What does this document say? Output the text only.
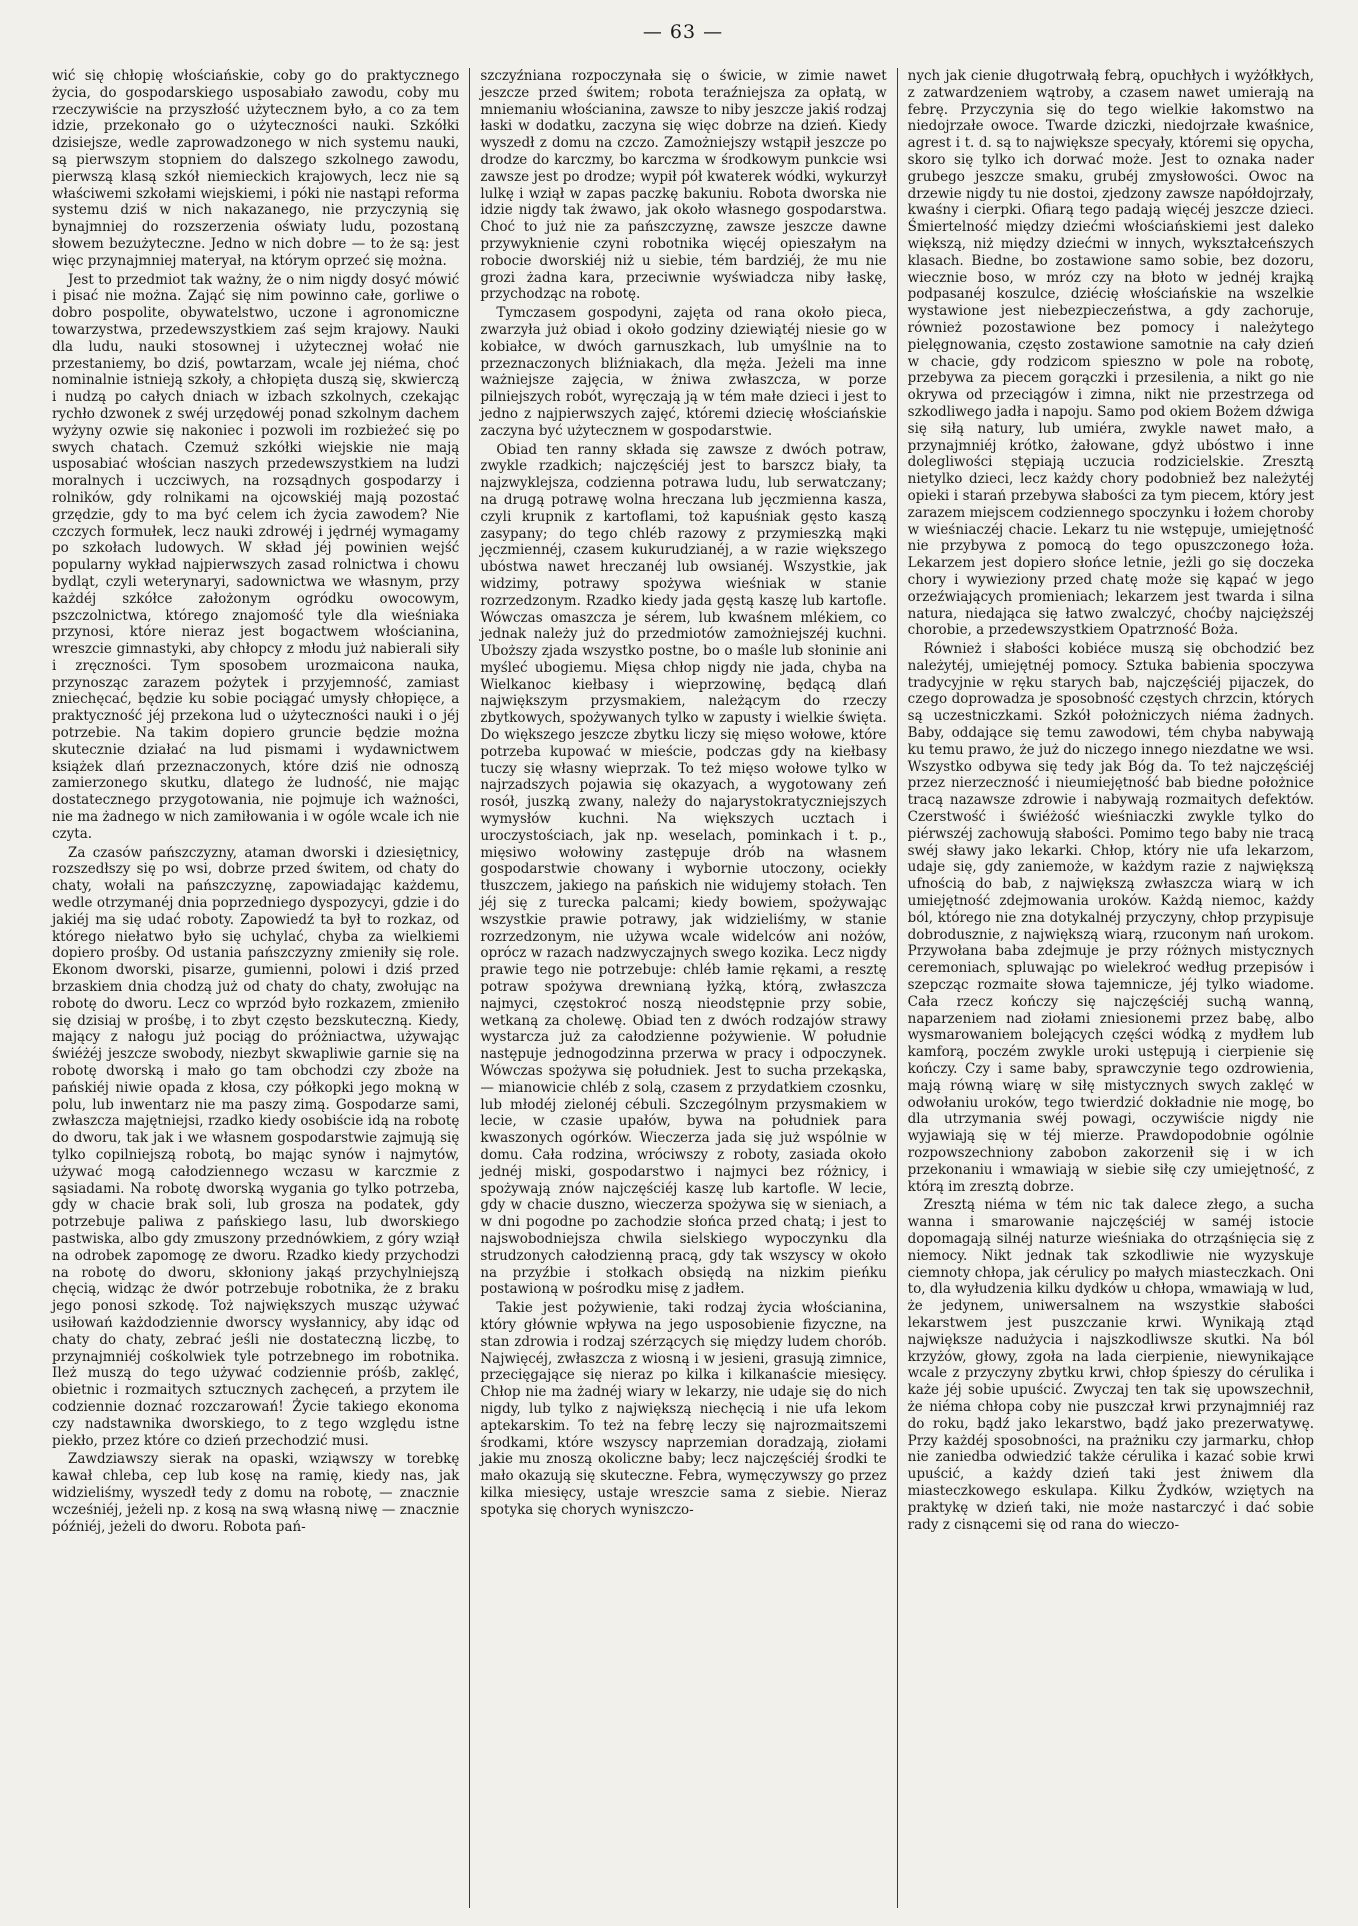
— 63 —

wić się chłopię włościańskie, coby go do praktycznego życia, do gospodarskiego usposabiało zawodu, coby mu rzeczywiście na przyszłość użytecznem było, a co za tem idzie, przekonało go o użyteczności nauki. Szkółki dzisiejsze, wedle zaprowadzonego w nich systemu nauki, są pierwszym stopniem do dalszego szkolnego zawodu, pierwszą klasą szkół niemieckich krajowych, lecz nie są właściwemi szkołami wiejskiemi, i póki nie nastąpi reforma systemu dziś w nich nakazanego, nie przyczynią się bynajmniej do rozszerzenia oświaty ludu, pozostaną słowem bezużyteczne. Jedno w nich dobre — to że są: jest więc przynajmniej materyał, na którym oprzeć się można.

Jest to przedmiot tak ważny, że o nim nigdy dosyć mówić i pisać nie można. Zająć się nim powinno całe, gorliwe o dobro pospolite, obywatelstwo, uczone i agronomiczne towarzystwa, przedewszystkiem zaś sejm krajowy. Nauki dla ludu, nauki stosownej i użytecznej wołać nie przestaniemy, bo dziś, powtarzam, wcale jej niéma, choć nominalnie istnieją szkoły, a chłopięta duszą się, skwierczą i nudzą po całych dniach w izbach szkolnych, czekając rychło dzwonek z swéj urzędowéj ponad szkolnym dachem wyżyny ozwie się nakoniec i pozwoli im rozbieżeć się po swych chatach. Czemuż szkółki wiejskie nie mają usposabiać włościan naszych przedewszystkiem na ludzi moralnych i uczciwych, na rozsądnych gospodarzy i rolników, gdy rolnikami na ojcowskiéj mają pozostać grzędzie, gdy to ma być celem ich życia zawodem? Nie czczych formułek, lecz nauki zdrowéj i jędrnéj wymagamy po szkołach ludowych. W skład jéj powinien wejść popularny wykład najpierwszych zasad rolnictwa i chowu bydląt, czyli weterynaryi, sadownictwa we własnym, przy każdéj szkółce założonym ogródku owocowym, pszczolnictwa, którego znajomość tyle dla wieśniaka przynosi, które nieraz jest bogactwem włościanina, wreszcie gimnastyki, aby chłopcy z młodu już nabierali siły i zręczności. Tym sposobem urozmaicona nauka, przynosząc zarazem pożytek i przyjemność, zamiast zniechęcać, będzie ku sobie pociągać umysły chłopięce, a praktyczność jéj przekona lud o użyteczności nauki i o jéj potrzebie. Na takim dopiero gruncie będzie można skutecznie działać na lud pismami i wydawnictwem książek dlań przeznaczonych, które dziś nie odnoszą zamierzonego skutku, dlatego że ludność, nie mając dostatecznego przygotowania, nie pojmuje ich ważności, nie ma żadnego w nich zamiłowania i w ogóle wcale ich nie czyta.

Za czasów pańszczyzny, ataman dworski i dziesiętnicy, rozszedłszy się po wsi, dobrze przed świtem, od chaty do chaty, wołali na pańszczyznę, zapowiadając każdemu, wedle otrzymanéj dnia poprzedniego dyspozycyi, gdzie i do jakiéj ma się udać roboty. Zapowiedź ta był to rozkaz, od którego niełatwo było się uchylać, chyba za wielkiemi dopiero prośby. Od ustania pańszczyzny zmieniły się role. Ekonom dworski, pisarze, gumienni, polowi i dziś przed brzaskiem dnia chodzą już od chaty do chaty, zwołując na robotę do dworu. Lecz co wprzód było rozkazem, zmieniło się dzisiaj w prośbę, i to zbyt często bezskuteczną. Kiedy, mający z nałogu już pociąg do próżniactwa, używając świéżéj jeszcze swobody, niezbyt skwapliwie garnie się na robotę dworską i mało go tam obchodzi czy zboże na pańskiéj niwie opada z kłosa, czy półkopki jego mokną w polu, lub inwentarz nie ma paszy zimą. Gospodarze sami, zwłaszcza majętniejsi, rzadko kiedy osobiście idą na robotę do dworu, tak jak i we własnem gospodarstwie zajmują się tylko copilniejszą robotą, bo mając synów i najmytów, używać mogą całodziennego wczasu w karczmie z sąsiadami. Na robotę dworską wyganiа go tylko potrzeba, gdy w chacie brak soli, lub grosza na podatek, gdy potrzebuje paliwa z pańskiego lasu, lub dworskiego pastwiska, albo gdy zmuszony przednówkiem, z góry wziął na odrobek zapomogę ze dworu. Rzadko kiedy przychodzi na robotę do dworu, skłoniony jakąś przychylniejszą chęcią, widząc że dwór potrzebuje robotnika, że z braku jego ponosi szkodę. Toż największych musząc używać usiłowań każdodziennie dworscy wysłannicy, aby idąc od chaty do chaty, zebrać jeśli nie dostateczną liczbę, to przynajmniéj cośkolwiek tyle potrzebnego im robotnika. Ileż muszą do tego używać codziennie próśb, zaklęć, obietnic i rozmaitych sztucznych zachęceń, a przytem ile codziennie doznać rozczarowań! Życie takiego ekonoma czy nadstawnika dworskiego, to z tego względu istne piekło, przez które co dzień przechodzić musi.

Zawdziawszy sierak na opaski, wziąwszy w torebkę kawał chleba, cep lub kosę na ramię, kiedy nas, jak widzieliśmy, wyszedł tedy z domu na robotę, — znacznie wcześniéj, jeżeli np. z kosą na swą własną niwę — znacznie późniéj, jeżeli do dworu. Robota pań-

szczyźniana rozpoczynała się o świcie, w zimie nawet jeszcze przed świtem; robota teraźniejsza za opłatą, w mniemaniu włościanina, zawsze to niby jeszcze jakiś rodzaj łaski w dodatku, zaczyna się więc dobrze na dzień. Kiedy wyszedł z domu na czczo. Zamożniejszy wstąpił jeszcze po drodze do karczmy, bo karczma w środkowym punkcie wsi zawsze jest po drodze; wypił pół kwaterek wódki, wykurzył lulkę i wziął w zapas paczkę bakuniu. Robota dworska nie idzie nigdy tak żwawo, jak około własnego gospodarstwa. Choć to już nie za pańszczyznę, zawsze jeszcze dawne przywyknienie czyni robotnika więcéj opieszałym na robocie dworskiéj niż u siebie, tém bardziéj, że mu nie grozi żadna kara, przeciwnie wyświadcza niby łaskę, przychodząc na robotę.

Tymczasem gospodyni, zajęta od rana około pieca, zwarzyła już obiad i około godziny dziewiątéj niesie go w kobiałce, w dwóch garnuszkach, lub umyślnie na to przeznaczonych bliźniakach, dla męża. Jeżeli ma inne ważniejsze zajęcia, w żniwa zwłaszcza, w porze pilniejszych robót, wyręczają ją w tém małe dzieci i jest to jedno z najpierwszych zajęć, któremi dziecię włościańskie zaczyna być użytecznem w gospodarstwie.

Obiad ten ranny składa się zawsze z dwóch potraw, zwykle rzadkich; najczęściéj jest to barszcz biały, ta najzwyklejsza, codzienna potrawa ludu, lub serwatczany; na drugą potrawę wolna hreczana lub jęczmienna kasza, czyli krupnik z kartoflami, toż kapuśniak gęsto kaszą zasypany; do tego chléb razowy z przymieszką mąki jęczmiennéj, czasem kukurudzianéj, a w razie większego ubóstwa nawet hreczanéj lub owsianéj. Wszystkie, jak widzimy, potrawy spożywa wieśniak w stanie rozrzedzonym. Rzadko kiedy jada gęstą kaszę lub kartofle. Wówczas omaszcza je sérem, lub kwaśnem mlékiem, co jednak należy już do przedmiotów zamożniejszéj kuchni. Uboższy zjada wszystko postne, bo o maśle lub słoninie ani myśleć ubogiemu. Mięsa chłop nigdy nie jada, chyba na Wielkanoc kiełbasy i wieprzowinę, będącą dlań największym przysmakiem, należącym do rzeczy zbytkowych, spożywanych tylko w zapusty i wielkie święta. Do większego jeszcze zbytku liczy się mięso wołowe, które potrzeba kupować w mieście, podczas gdy na kiełbasy tuczy się własny wieprzak. To też mięso wołowe tylko w najrzadszych pojawia się okazyach, a wygotowany zeń rosół, juszką zwany, należy do najarystokratyczniejszych wymysłów kuchni. Na większych ucztach i uroczystościach, jak np. weselach, pominkach i t. p., mięsiwo wołowiny zastępuje drób na własnem gospodarstwie chowany i wybornie utoczony, ociekły tłuszczem, jakiego na pańskich nie widujemy stołach. Ten jéj się z turecka palcami; kiedy bowiem, spożywając wszystkie prawie potrawy, jak widzieliśmy, w stanie rozrzedzonym, nie używa wcale widelców ani nożów, oprócz w razach nadzwyczajnych swego kozika. Lecz nigdy prawie tego nie potrzebuje: chléb łamie rękami, a resztę potraw spożywa drewnianą łyżką, którą, zwłaszcza najmyci, częstokroć noszą nieodstępnie przy sobie, wetkaną za cholewę. Obiad ten z dwóch rodzajów strawy wystarcza już za całodzienne pożywienie. W południe następuje jednogodzinna przerwa w pracy i odpoczynek. Wówczas spożywa się południek. Jest to sucha przekąska, — mianowicie chléb z solą, czasem z przydatkiem czosnku, lub młodéj zielonéj cébuli. Szczególnym przysmakiem w lecie, w czasie upałów, bywa na południek para kwaszonych ogórków. Wieczerza jada się już wspólnie w domu. Cała rodzina, wróciwszy z roboty, zasiada około jednéj miski, gospodarstwo i najmyci bez różnicy, i spożywają znów najczęściéj kaszę lub kartofle. W lecie, gdy w chacie duszno, wieczerza spożywa się w sieniach, a w dni pogodne po zachodzie słońca przed chatą; i jest to najswobodniejsza chwila sielskiego wypoczynku dla strudzonych całodzienną pracą, gdy tak wszyscy w około na przyźbie i stołkach obsiędą na nizkim pieńku postawioną w pośrodku misę z jadłem.

Takie jest pożywienie, taki rodzaj życia włościanina, który głównie wpływa na jego usposobienie fizyczne, na stan zdrowia i rodzaj szérzących się między ludem chorób. Najwięcéj, zwłaszcza z wiosną i w jesieni, grasują zimnice, przecięgające się nieraz po kilka i kilkanaście miesięcy. Chłop nie ma żadnéj wiary w lekarzy, nie udaje się do nich nigdy, lub tylko z największą niechęcią i nie ufa lekom aptekarskim. To też na febrę leczy się najrozmaitszemi środkami, które wszyscy naprzemian doradzają, ziołami jakie mu znoszą okoliczne baby; lecz najczęściéj środki te mało okazują się skuteczne. Febra, wymęczywszy go przez kilka miesięcy, ustaje wreszcie sama z siebie. Nieraz spotyka się chorych wyniszczo-

nych jak cienie długotrwałą febrą, opuchłych i wyżółkłych, z zatwardzeniem wątroby, a czasem nawet umierają na febrę. Przyczynia się do tego wielkie łakomstwo na niedojrzałe owoce. Twarde dziczki, niedojrzałe kwaśnice, agrest i t. d. są to największe specyały, któremi się opycha, skoro się tylko ich dorwać może. Jest to oznaka nader grubego jeszcze smaku, grubéj zmysłowości. Owoc na drzewie nigdy tu nie dostoi, zjedzony zawsze napółdojrzały, kwaśny i cierpki. Ofiarą tego padają więcéj jeszcze dzieci. Śmiertelność między dziećmi włościańskiemi jest daleko większą, niż między dziećmi w innych, wykształceńszych klasach. Biedne, bo zostawione samo sobie, bez dozoru, wiecznie boso, w mróz czy na błoto w jednéj krajką podpasanéj koszulce, dziécię włościańskie na wszelkie wystawione jest niebezpieczeństwa, a gdy zachoruje, również pozostawione bez pomocy i należytego pielęgnowania, często zostawione samotnie na cały dzień w chacie, gdy rodzicom spieszno w pole na robotę, przebywa za piecem gorączki i przesilenia, a nikt go nie okrywa od przeciągów i zimna, nikt nie przestrzega od szkodliwego jadła i napoju. Samo pod okiem Bożem dźwiga się siłą natury, lub umiéra, zwykle nawet mało, a przynajmniéj krótko, żałowane, gdyż ubóstwo i inne dolegliwości stępiają uczucia rodzicielskie. Zresztą nietylko dzieci, lecz każdy chory podobniež bez należytéj opieki i starań przebywa słabości za tym piecem, który jest zarazem miejscem codziennego spoczynku i łożem choroby w wieśniaczéj chacie. Lekarz tu nie wstępuje, umiejętność nie przybywa z pomocą do tego opuszczonego łoża. Lekarzem jest dopiero słońce letnie, jeżli go się doczeka chory i wywieziony przed chatę może się kąpać w jego orzeźwiających promieniach; lekarzem jest twarda i silna natura, niedająca się łatwo zwalczyć, choćby najcięższéj chorobie, a przedewszystkiem Opatrzność Boża.

Również i słabości kobiéce muszą się obchodzić bez należytéj, umiejętnéj pomocy. Sztuka babienia spoczywa tradycyjnie w ręku starych bab, najczęściéj pijaczek, do czego doprowadza je sposobność częstych chrzcin, których są uczestniczkami. Szkół położniczych niéma żadnych. Baby, oddające się temu zawodowi, tém chyba nabywają ku temu prawo, że już do niczego innego niezdatne we wsi. Wszystko odbywa się tedy jak Bóg da. To też najczęściéj przez nierzeczność i nieumiejętność bab biedne położnice tracą nazawsze zdrowie i nabywają rozmaitych defektów. Czerstwość i świéżość wieśniaczki zwykle tylko do piérwszéj zachowują słabości. Pomimo tego baby nie tracą swéj sławy jako lekarki. Chłop, który nie ufa lekarzom, udaje się, gdy zaniemoże, w każdym razie z największą ufnością do bab, z największą zwłaszcza wiarą w ich umiejętność zdejmowania uroków. Każdą niemoc, każdy ból, którego nie zna dotykalnéj przyczyny, chłop przypisuje dobrodusznie, z największą wiarą, rzuconym nań urokom. Przywołana baba zdejmuje je przy różnych mistycznych ceremoniach, spluwając po wielekroć według przepisów i szepcząc rozmaite słowa tajemnicze, jéj tylko wiadome. Cała rzecz kończy się najczęściéj suchą wanną, naparzeniem nad ziołami zniesionemi przez babę, albo wysmarowaniem bolejących części wódką z mydłem lub kamforą, poczém zwykle uroki ustępują i cierpienie się kończy. Czy i same baby, sprawczynie tego ozdrowienia, mają równą wiarę w siłę mistycznych swych zaklęć w odwołaniu uroków, tego twierdzić dokładnie nie mogę, bo dla utrzymania swéj powagi, oczywiście nigdy nie wyjawiają się w téj mierze. Prawdopodobnie ogólnie rozpowszechniony zabobon zakorzenił się i w ich przekonaniu i wmawiają w siebie siłę czy umiejętność, z którą im zresztą dobrze.

Zresztą niéma w tém nic tak dalece złego, a sucha wanna i smarowanie najczęściéj w saméj istocie dopomagają silnéj naturze wieśniaka do otrząśnięcia się z niemocy. Nikt jednak tak szkodliwie nie wyzyskuje ciemnoty chłopa, jak cérulicy po małych miasteczkach. Oni to, dla wyłudzenia kilku dydków u chłopa, wmawiają w lud, że jedynem, uniwersalnem na wszystkie słabości lekarstwem jest puszczanie krwi. Wynikają ztąd największe nadużycia i najszkodliwsze skutki. Na ból krzyżów, głowy, zgoła na lada cierpienie, niewynikające wcale z przyczyny zbytku krwi, chłop śpieszy do cérulika i każe jéj sobie upuścić. Zwyczaj ten tak się upowszechnił, że niéma chłopa coby nie puszczał krwi przynajmniéj raz do roku, bądź jako lekarstwo, bądź jako prezerwatywę. Przy każdéj sposobności, na prażniku czy jarmarku, chłop nie zaniedba odwiedzić także cérulika i kazać sobie krwi upuścić, a każdy dzień taki jest żniwem dla miasteczkowego eskulapa. Kilku Żydków, wziętych na praktykę w dzień taki, nie może nastarczyć i dać sobie rady z cisnącemi się od rana do wieczo-
